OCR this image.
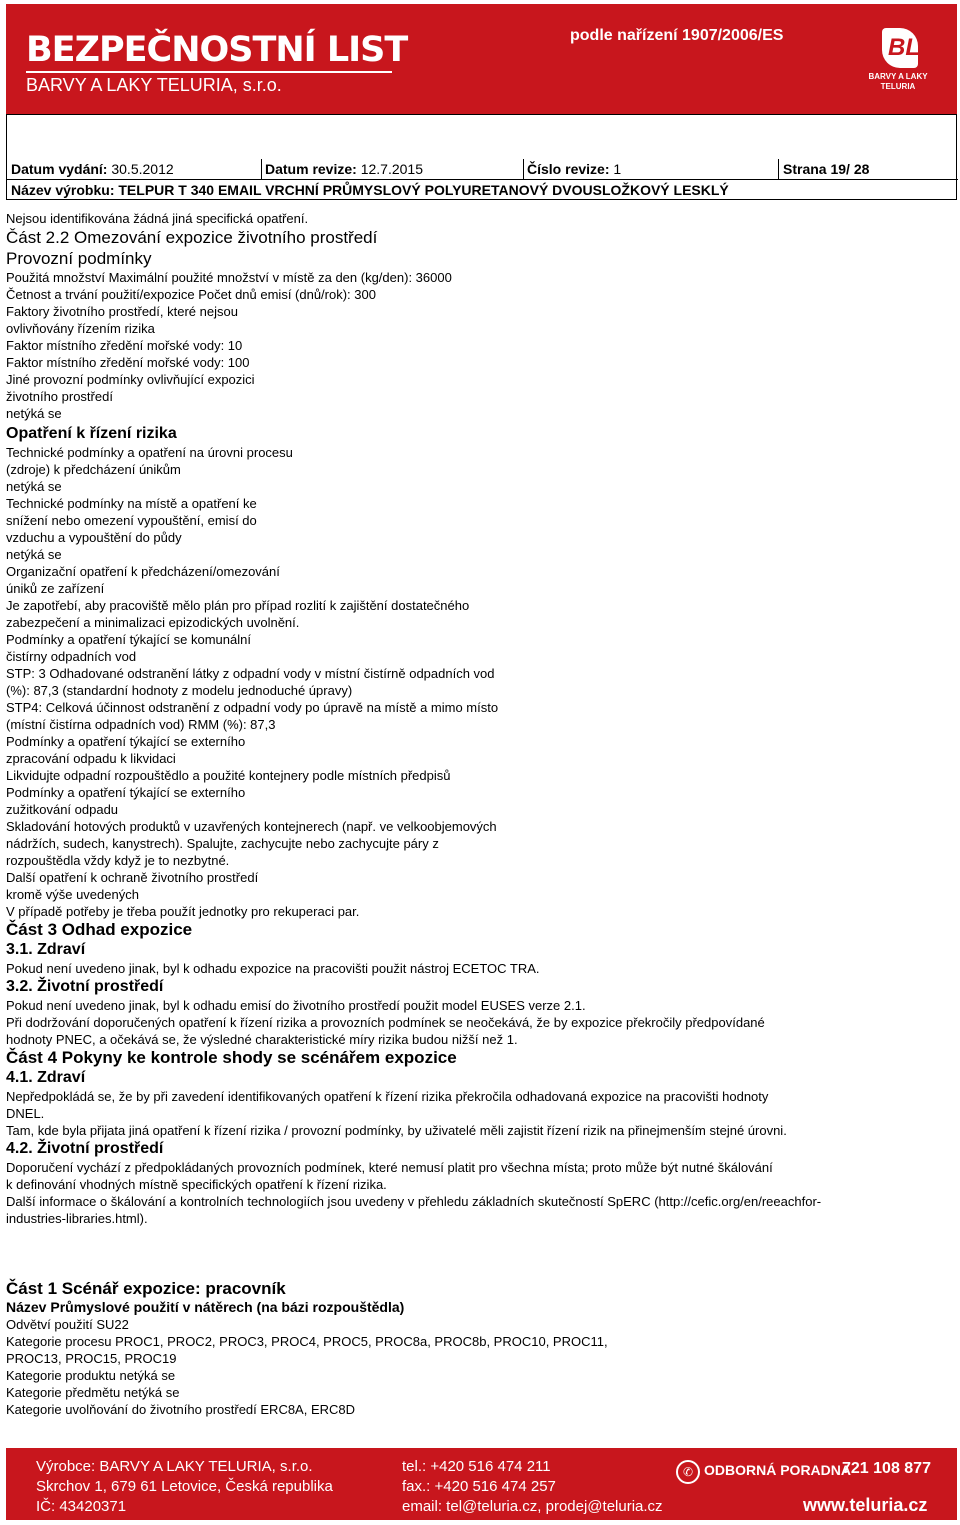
BEZPEČNOSTNÍ LIST
BARVY A LAKY TELURIA, s.r.o.
podle nařízení 1907/2006/ES	BL
BARVY A LAKY
TELURIA
Datum vydání: 30.5.2012	Datum revize: 12.7.2015	Číslo revize: 1	Strana 19/ 28
Název výrobku: TELPUR T 340 EMAIL VRCHNÍ PRŮMYSLOVÝ POLYURETANOVÝ DVOUSLOŽKOVÝ LESKLÝ

Nejsou identifikována žádná jiná specifická opatření.

Část 2.2 Omezování expozice životního prostředí

Provozní podmínky

Použitá množství Maximální použité množství v místě za den (kg/den): 36000

Četnost a trvání použití/expozice Počet dnů emisí (dnů/rok): 300

Faktory životního prostředí, které nejsou

ovlivňovány řízením rizika

Faktor místního zředění mořské vody: 10

Faktor místního zředění mořské vody: 100

Jiné provozní podmínky ovlivňující expozici

životního prostředí

netýká se

Opatření k řízení rizika

Technické podmínky a opatření na úrovni procesu

(zdroje) k předcházení únikům

netýká se

Technické podmínky na místě a opatření ke

snížení nebo omezení vypouštění, emisí do

vzduchu a vypouštění do půdy

netýká se

Organizační opatření k předcházení/omezování

úniků ze zařízení

Je zapotřebí, aby pracoviště mělo plán pro případ rozlití k zajištění dostatečného

zabezpečení a minimalizaci epizodických uvolnění.

Podmínky a opatření týkající se komunální

čistírny odpadních vod

STP: 3 Odhadované odstranění látky z odpadní vody v místní čistírně odpadních vod

(%): 87,3 (standardní hodnoty z modelu jednoduché úpravy)

STP4: Celková účinnost odstranění z odpadní vody po úpravě na místě a mimo místo

(místní čistírna odpadních vod) RMM (%): 87,3

Podmínky a opatření týkající se externího

zpracování odpadu k likvidaci

Likvidujte odpadní rozpouštědlo a použité kontejnery podle místních předpisů

Podmínky a opatření týkající se externího

zužitkování odpadu

Skladování hotových produktů v uzavřených kontejnerech (např. ve velkoobjemových

nádržích, sudech, kanystrech). Spalujte, zachycujte nebo zachycujte páry z

rozpouštědla vždy když je to nezbytné.

Další opatření k ochraně životního prostředí

kromě výše uvedených

V případě potřeby je třeba použít jednotky pro rekuperaci par.

Část 3 Odhad expozice

3.1. Zdraví

Pokud není uvedeno jinak, byl k odhadu expozice na pracovišti použit nástroj ECETOC TRA.

3.2. Životní prostředí

Pokud není uvedeno jinak, byl k odhadu emisí do životního prostředí použit model EUSES verze 2.1.

Při dodržování doporučených opatření k řízení rizika a provozních podmínek se neočekává, že by expozice překročily předpovídané

hodnoty PNEC, a očekává se, že výsledné charakteristické míry rizika budou nižší než 1.

Část 4 Pokyny ke kontrole shody se scénářem expozice

4.1. Zdraví

Nepředpokládá se, že by při zavedení identifikovaných opatření k řízení rizika překročila odhadovaná expozice na pracovišti hodnoty

DNEL.

Tam, kde byla přijata jiná opatření k řízení rizika / provozní podmínky, by uživatelé měli zajistit řízení rizik na přinejmenším stejné úrovni.

4.2. Životní prostředí

Doporučení vychází z předpokládaných provozních podmínek, které nemusí platit pro všechna místa; proto může být nutné škálování

k definování vhodných místně specifických opatření k řízení rizika.

Další informace o škálování a kontrolních technologiích jsou uvedeny v přehledu základních skutečností SpERC (http://cefic.org/en/reeachfor-

industries-libraries.html).

Část 1 Scénář expozice: pracovník

Název Průmyslové použití v nátěrech (na bázi rozpouštědla)

Odvětví použití SU22

Kategorie procesu PROC1, PROC2, PROC3, PROC4, PROC5, PROC8a, PROC8b, PROC10, PROC11,

PROC13, PROC15, PROC19

Kategorie produktu netýká se

Kategorie předmětu netýká se

Kategorie uvolňování do životního prostředí ERC8A, ERC8D

Výrobce: BARVY A LAKY TELURIA, s.r.o.
Skrchov 1, 679 61 Letovice, Česká republika
IČ: 43420371
tel.: +420 516 474 211
fax.: +420 516 474 257
email: tel@teluria.cz, prodej@teluria.cz
✆ ODBORNÁ PORADNA
721 108 877
www.teluria.cz
